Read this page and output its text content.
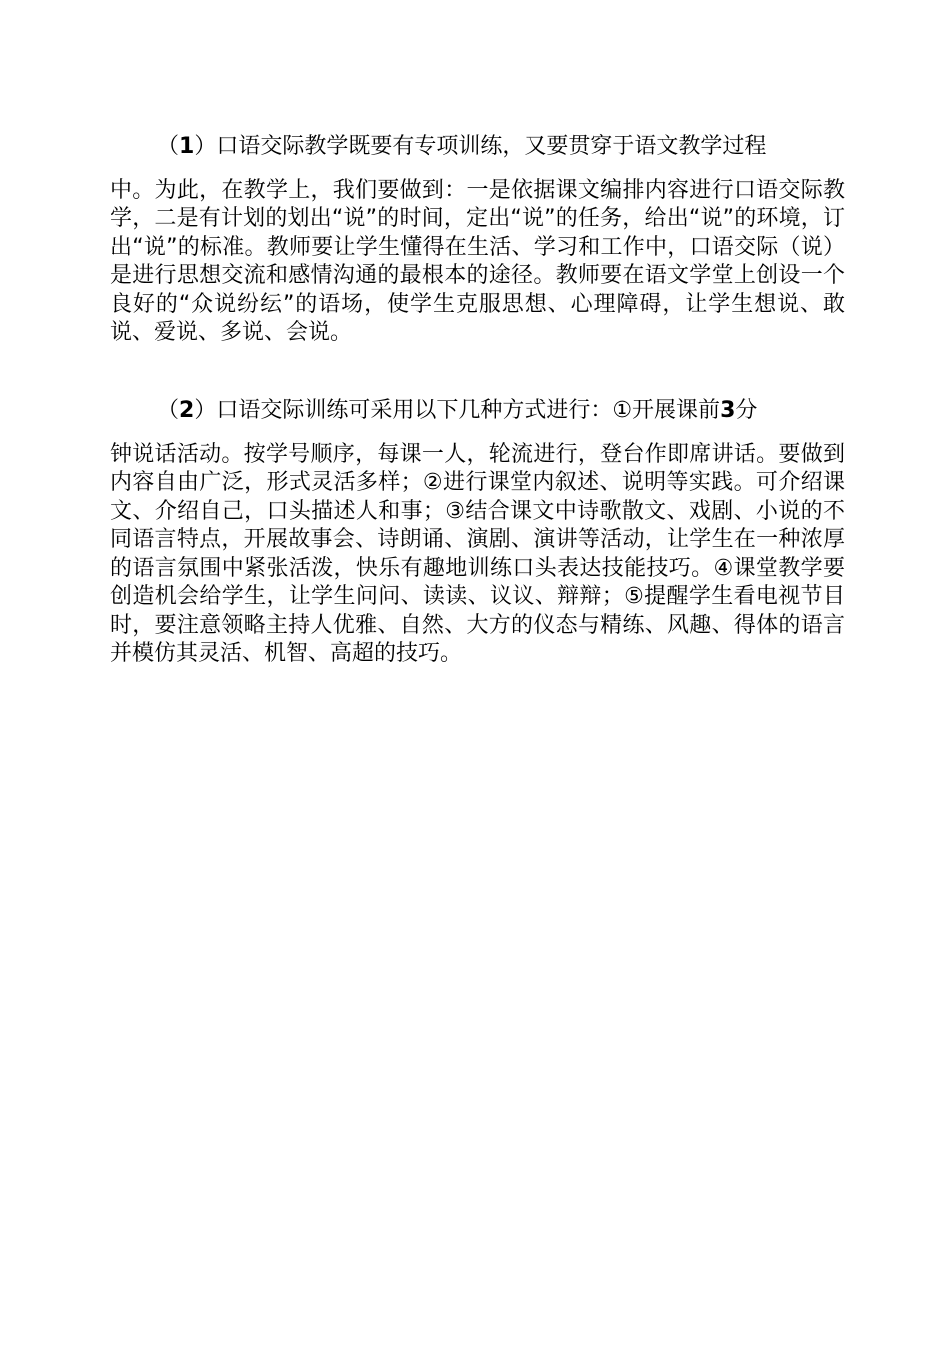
（1）口语交际教学既要有专项训练，又要贯穿于语文教学过程
中。为此，在教学上，我们要做到：一是依据课文编排内容进行口语交际教学，二是有计划的划出“说”的时间，定出“说”的任务，给出“说”的环境，订出“说”的标准。教师要让学生懂得在生活、学习和工作中，口语交际（说）是进行思想交流和感情沟通的最根本的途径。教师要在语文学堂上创设一个良好的“众说纷纭”的语场，使学生克服思想、心理障碍，让学生想说、敢说、爱说、多说、会说。

（2）口语交际训练可采用以下几种方式进行：①开展课前3分
钟说话活动。按学号顺序，每课一人，轮流进行，登台作即席讲话。要做到内容自由广泛，形式灵活多样；②进行课堂内叙述、说明等实践。可介绍课文、介绍自己，口头描述人和事；③结合课文中诗歌散文、戏剧、小说的不同语言特点，开展故事会、诗朗诵、演剧、演讲等活动，让学生在一种浓厚的语言氛围中紧张活泼，快乐有趣地训练口头表达技能技巧。④课堂教学要创造机会给学生，让学生问问、读读、议议、辩辩；⑤提醒学生看电视节目时，要注意领略主持人优雅、自然、大方的仪态与精练、风趣、得体的语言并模仿其灵活、机智、高超的技巧。
